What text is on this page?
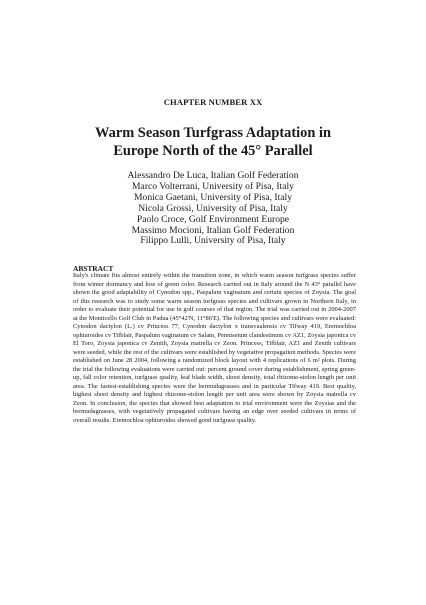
CHAPTER NUMBER XX
Warm Season Turfgrass Adaptation in
Europe North of the 45° Parallel
Alessandro De Luca, Italian Golf Federation
Marco Volterrani, University of Pisa, Italy
Monica Gaetani, University of Pisa, Italy
Nicola Grossi, University of Pisa, Italy
Paolo Croce, Golf Environment Europe
Massimo Mocioni, Italian Golf Federation
Filippo Lulli, University of Pisa, Italy
ABSTRACT
Italy's climate fits almost entirely within the transition zone, in which warm season turfgrass species suffer from winter dormancy and loss of green color. Research carried out in Italy around the N 43° parallel have shown the good adaptability of Cynodon spp., Paspalum vaginatum and certain species of Zoysia. The goal of this research was to study some warm season turfgrass species and cultivars grown in Northern Italy, in order to evaluate their potential for use in golf courses of that region. The trial was carried out in 2004-2007 at the Monticello Golf Club in Padua (45°42'N, 11°86'E). The following species and cultivars were evaluated: Cynodon dactylon (L.) cv Princess 77, Cynodon dactylon x transvaalensis cv Tifway 419, Eremochloa ophiuroides cv Tifblair, Paspalum vaginatum cv Salam, Pennisetum clandestinum cv AZ1, Zoysia japonica cv El Toro, Zoysia japonica cv Zenith, Zoysia matrella cv Zeon. Princess, Tifblair, AZ1 and Zenith cultivars were seeded, while the rest of the cultivars were established by vegetative propagation methods. Species were established on June 28 2004, following a randomized block layout with 4 replications of 6 m² plots. During the trial the following evaluations were carried out: percent ground cover during establishment, spring green-up, fall color retention, turfgrass quality, leaf blade width, shoot density, total rhizome-stolon length per unit area. The fastest-establishing species were the bermudagrasses and in particular Tifway 419. Best quality, highest shoot density and highest rhizome-stolon length per unit area were shown by Zoysia matrella cv Zeon. In conclusion, the species that showed best adaptation to trial environment were the Zoysias and the bermudagrasses, with vegetatively propagated cultivars having an edge over seeded cultivars in terms of overall results. Eremochloa ophiuroides showed good turfgrass quality.
